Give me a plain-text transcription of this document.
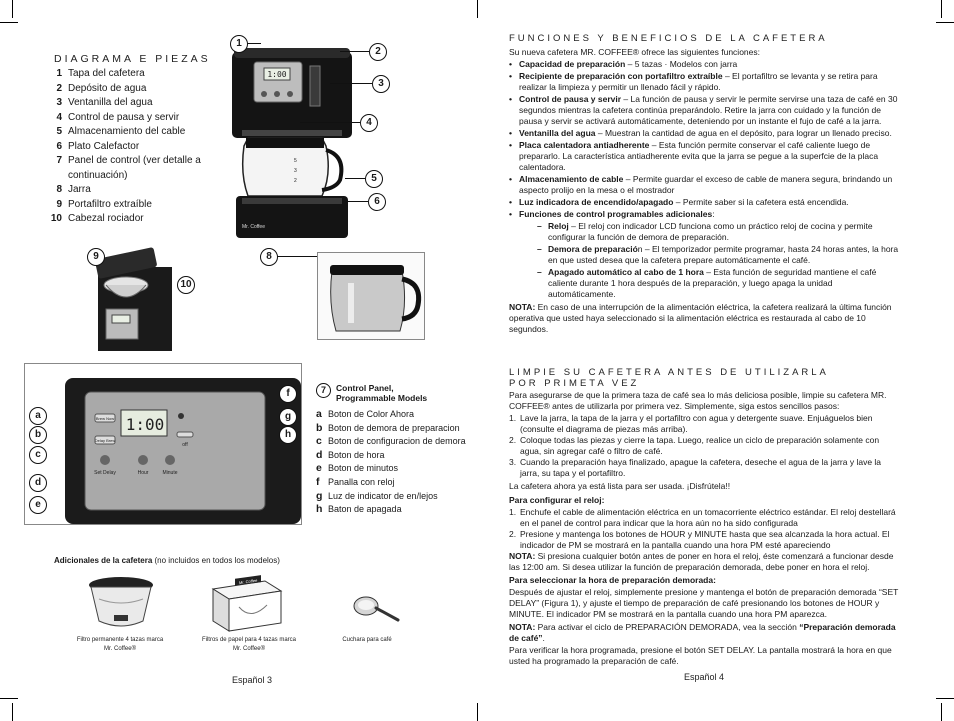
DIAGRAMA E PIEZAS
1 Tapa del cafetera
2 Depósito de agua
3 Ventanilla del agua
4 Control de pausa y servir
5 Almacenamiento del cable
6 Plato Calefactor
7 Panel de control (ver detalle a continuación)
8 Jarra
9 Portafiltro extraíble
10 Cabezal rociador
1:00
5
3
2
Mr. Coffee
1
2
3
4
5
6
8
9
10
1:00
Brew Now
Delay Brew
Set Delay	Hour	Minute
off
a
b
c
d
e
f
g
h
7	Control Panel,
Programmable Models
a Boton de Color Ahora
b Boton de demora de preparacion
c Boton de configuracion de demora
d Boton de hora
e Boton de minutos
f Panalla con reloj
g Luz de indicator de en/lejos
h Baton de apagada
Adicionales de la cafetera (no incluidos en todos los modelos)
Mr. Coffee
Filtro permanente 4 tazas marca
Mr. Coffee®
Filtros de papel para 4 tazas marca
Mr. Coffee®
Cuchara para café
Español 3
FUNCIONES Y BENEFICIOS DE LA CAFETERA

Su nueva cafetera MR. COFFEE® ofrece las siguientes funciones:

• Capacidad de preparación – 5 tazas · Modelos con jarra
• Recipiente de preparación con portafiltro extraíble – El portafiltro se levanta y se retira para realizar la limpieza y permitir un llenado fácil y rápido.
• Control de pausa y servir – La función de pausa y servir le permite servirse una taza de café en 30 segundos mientras la cafetera continúa preparándolo. Retire la jarra con cuidado y la función de pausa y servir se activará automáticamente, deteniendo por un instante el fujo de café a la jarra.
• Ventanilla del agua – Muestran la cantidad de agua en el depósito, para lograr un llenado preciso.
• Placa calentadora antiadherente – Esta función permite conservar el café caliente luego de prepararlo. La característica antiadherente evita que la jarra se pegue a la superfcie de la placa calentadora.
• Almacenamiento de cable – Permite guardar el exceso de cable de manera segura, brindando un aspecto prolijo en la mesa o el mostrador
• Luz indicadora de encendido/apagado – Permite saber si la cafetera está encendida.
• Funciones de control programables adicionales:
– Reloj – El reloj con indicador LCD funciona como un práctico reloj de cocina y permite configurar la función de demora de preparación.
– Demora de preparación – El temporizador permite programar, hasta 24 horas antes, la hora en que usted desea que la cafetera prepare automáticamente el café.
– Apagado automático al cabo de 1 hora – Esta función de seguridad mantiene el café caliente durante 1 hora después de la preparación, y luego apaga la unidad automáticamente.

NOTA: En caso de una interrupción de la alimentación eléctrica, la cafetera realizará la última función operativa que usted haya seleccionado si la alimentación eléctrica es restaurada al cabo de 10 segundos.

LIMPIE SU CAFETERA ANTES DE UTILIZARLA
POR PRIMETA VEZ

Para asegurarse de que la primera taza de café sea lo más deliciosa posible, limpie su cafetera MR. COFFEE® antes de utilizarla por primera vez. Simplemente, siga estos sencillos pasos:

1. Lave la jarra, la tapa de la jarra y el portafiltro con agua y detergente suave. Enjuáguelos bien (consulte el diagrama de piezas más arriba).
2. Coloque todas las piezas y cierre la tapa. Luego, realice un ciclo de preparación solamente con agua, sin agregar café o filtro de café.
3. Cuando la preparación haya finalizado, apague la cafetera, deseche el agua de la jarra y lave la jarra, su tapa y el portafiltro.

La cafetera ahora ya está lista para ser usada. ¡Disfrútela!!

Para configurar el reloj:

1. Enchufe el cable de alimentación eléctrica en un tomacorriente eléctrico estándar. El reloj destellará en el panel de control para indicar que la hora aún no ha sido configurada
2. Presione y mantenga los botones de HOUR y MINUTE hasta que sea alcanzada la hora actual. El indicador de PM se mostrará en la pantalla cuando una hora PM esté apareciendo

NOTA: Si presiona cualquier botón antes de poner en hora el reloj, éste comenzará a funcionar desde las 12:00 am. Si desea utilizar la función de preparación demorada, debe poner en hora el reloj.

Para seleccionar la hora de preparación demorada:

Después de ajustar el reloj, simplemente presione y mantenga el botón de preparación demorada “SET DELAY” (Figura 1), y ajuste el tiempo de preparación de café presionando los botones de HOUR y MINUTE. El indicador PM se mostrará en la pantalla cuando una hora PM aparezca.

NOTA: Para activar el ciclo de PREPARACIÓN DEMORADA, vea la sección “Preparación demorada de café”.

Para verificar la hora programada, presione el botón SET DELAY. La pantalla mostrará la hora en que usted ha programado la preparación de café.

Español 4
